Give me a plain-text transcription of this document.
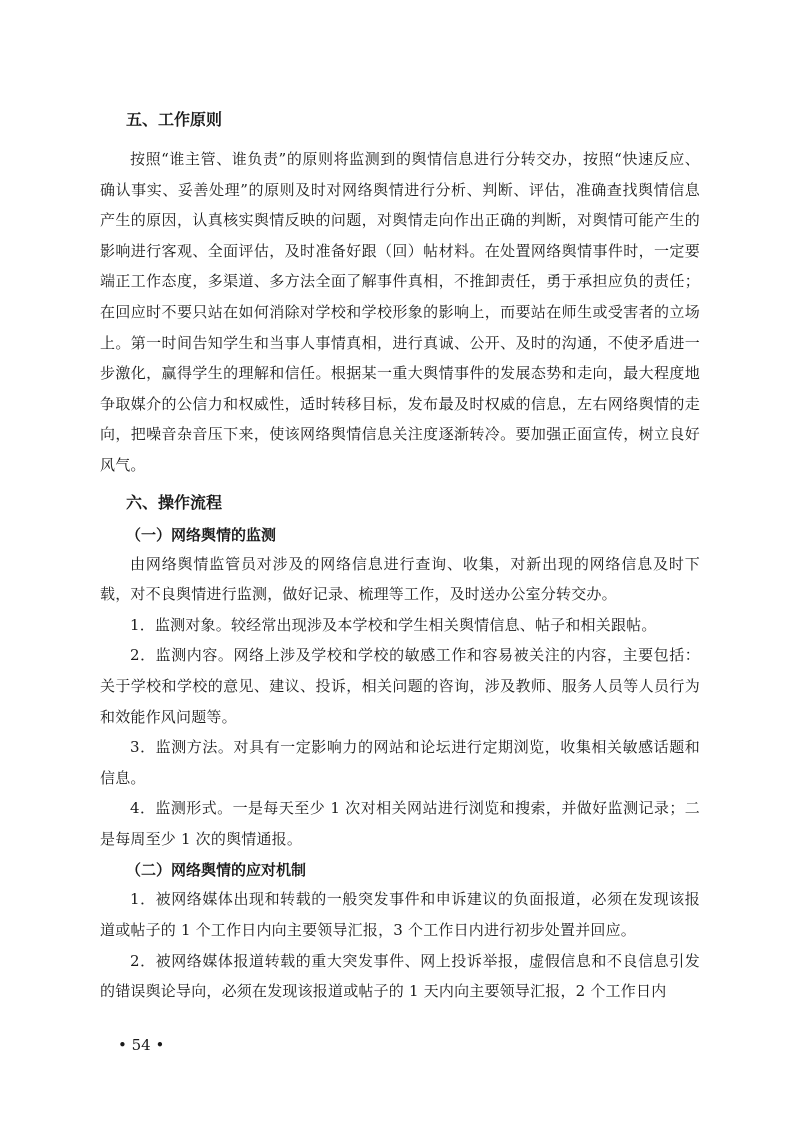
五、工作原则

按照“谁主管、谁负责”的原则将监测到的舆情信息进行分转交办，按照“快速反应、确认事实、妥善处理”的原则及时对网络舆情进行分析、判断、评估，准确查找舆情信息产生的原因，认真核实舆情反映的问题，对舆情走向作出正确的判断，对舆情可能产生的影响进行客观、全面评估，及时准备好跟（回）帖材料。在处置网络舆情事件时，一定要端正工作态度，多渠道、多方法全面了解事件真相，不推卸责任，勇于承担应负的责任；在回应时不要只站在如何消除对学校和学校形象的影响上，而要站在师生或受害者的立场上。第一时间告知学生和当事人事情真相，进行真诚、公开、及时的沟通，不使矛盾进一步激化，赢得学生的理解和信任。根据某一重大舆情事件的发展态势和走向，最大程度地争取媒介的公信力和权威性，适时转移目标，发布最及时权威的信息，左右网络舆情的走向，把噪音杂音压下来，使该网络舆情信息关注度逐渐转冷。要加强正面宣传，树立良好风气。

六、操作流程
（一）网络舆情的监测

由网络舆情监管员对涉及的网络信息进行查询、收集，对新出现的网络信息及时下载，对不良舆情进行监测，做好记录、梳理等工作，及时送办公室分转交办。

1．监测对象。较经常出现涉及本学校和学生相关舆情信息、帖子和相关跟帖。

2．监测内容。网络上涉及学校和学校的敏感工作和容易被关注的内容，主要包括：关于学校和学校的意见、建议、投诉，相关问题的咨询，涉及教师、服务人员等人员行为和效能作风问题等。

3．监测方法。对具有一定影响力的网站和论坛进行定期浏览，收集相关敏感话题和信息。

4．监测形式。一是每天至少 1 次对相关网站进行浏览和搜索，并做好监测记录；二是每周至少 1 次的舆情通报。

（二）网络舆情的应对机制

1．被网络媒体出现和转载的一般突发事件和申诉建议的负面报道，必须在发现该报道或帖子的 1 个工作日内向主要领导汇报，3 个工作日内进行初步处置并回应。

2．被网络媒体报道转载的重大突发事件、网上投诉举报，虚假信息和不良信息引发的错误舆论导向，必须在发现该报道或帖子的 1 天内向主要领导汇报，2 个工作日内

• 54 •
